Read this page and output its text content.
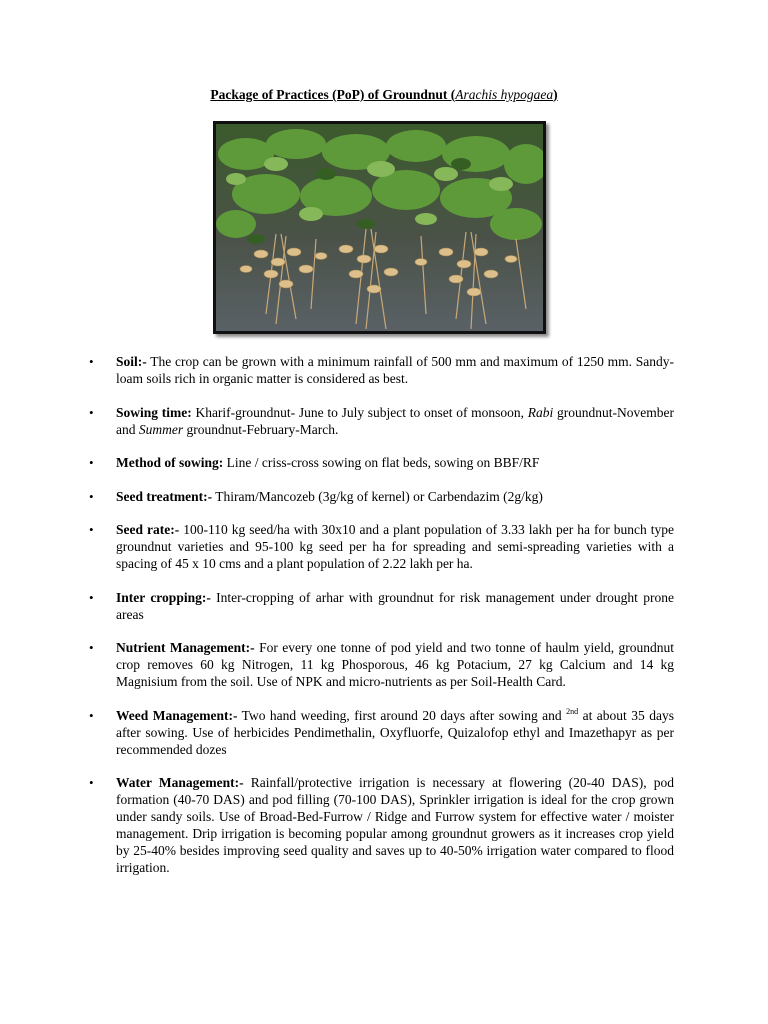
Package of Practices (PoP) of Groundnut (Arachis hypogaea)
• Soil:- The crop can be grown with a minimum rainfall of 500 mm and maximum of 1250 mm. Sandy-loam soils rich in organic matter is considered as best.
• Sowing time: Kharif-groundnut- June to July subject to onset of monsoon, Rabi groundnut-November and Summer groundnut-February-March.
• Method of sowing: Line / criss-cross sowing on flat beds, sowing on BBF/RF
• Seed treatment:- Thiram/Mancozeb (3g/kg of kernel) or Carbendazim (2g/kg)
• Seed rate:- 100-110 kg seed/ha with 30x10 and a plant population of 3.33 lakh per ha for bunch type groundnut varieties and 95-100 kg seed per ha for spreading and semi-spreading varieties with a spacing of 45 x 10 cms and a plant population of 2.22 lakh per ha.
• Inter cropping:- Inter-cropping of arhar with groundnut for risk management under drought prone areas
• Nutrient Management:- For every one tonne of pod yield and two tonne of haulm yield, groundnut crop removes 60 kg Nitrogen, 11 kg Phosporous, 46 kg Potacium, 27 kg Calcium and 14 kg Magnisium from the soil. Use of NPK and micro-nutrients as per Soil-Health Card.
• Weed Management:- Two hand weeding, first around 20 days after sowing and $^{2nd}$ at about 35 days after sowing. Use of herbicides Pendimethalin, Oxyfluorfe, Quizalofop ethyl and Imazethapyr as per recommended dozes
• Water Management:- Rainfall/protective irrigation is necessary at flowering (20-40 DAS), pod formation (40-70 DAS) and pod filling (70-100 DAS), Sprinkler irrigation is ideal for the crop grown under sandy soils. Use of Broad-Bed-Furrow / Ridge and Furrow system for effective water / moister management. Drip irrigation is becoming popular among groundnut growers as it increases crop yield by 25-40% besides improving seed quality and saves up to 40-50% irrigation water compared to flood irrigation.
